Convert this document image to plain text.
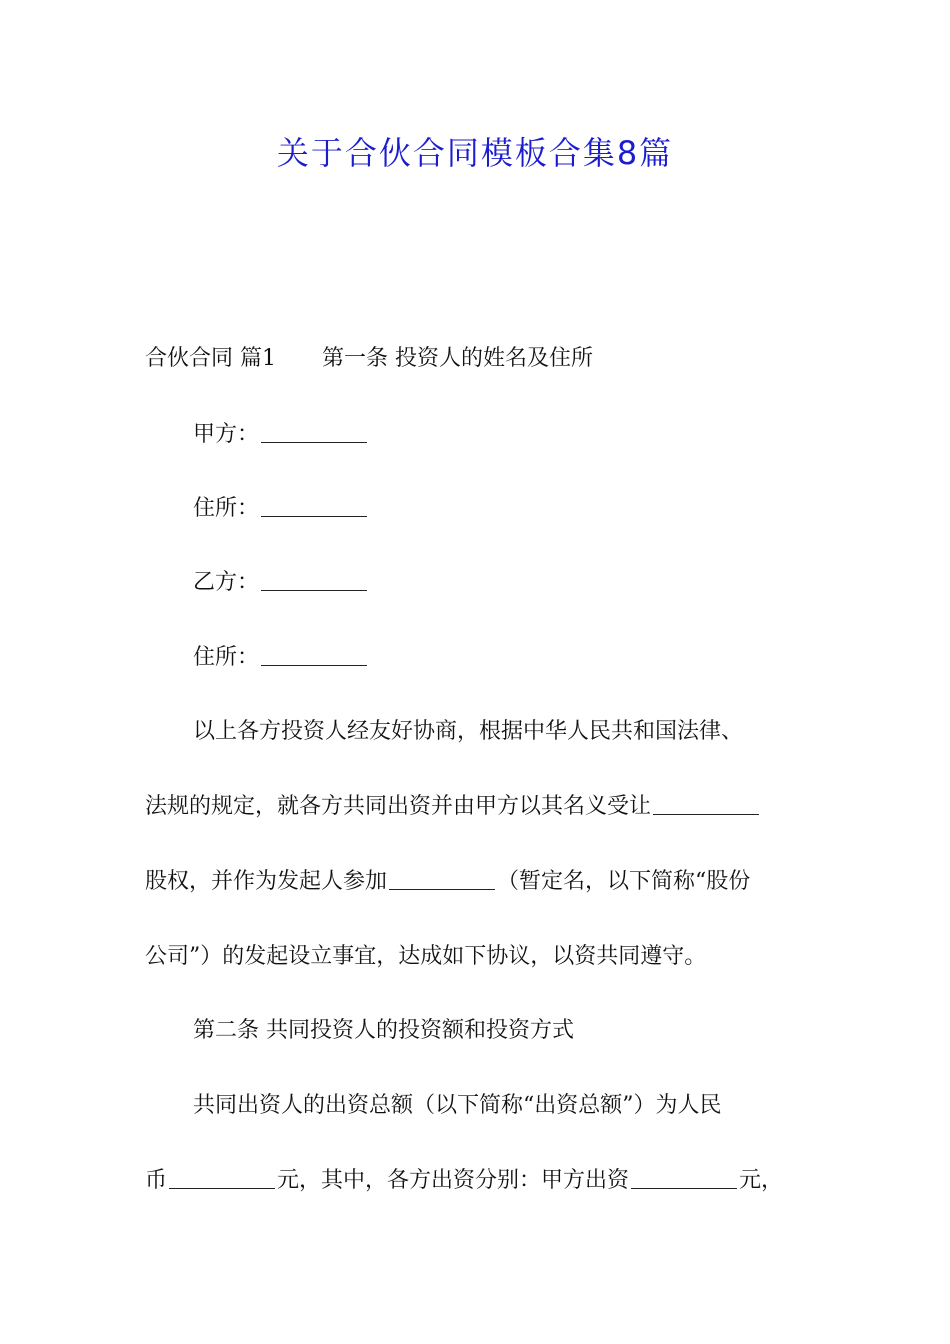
关于合伙合同模板合集8篇
合伙合同 篇1 第一条 投资人的姓名及住所
甲方：
住所：
乙方：
住所：
以上各方投资人经友好协商，根据中华人民共和国法律、
法规的规定，就各方共同出资并由甲方以其名义受让
股权，并作为发起人参加	（暂定名，以下简称“股份
公司”）的发起设立事宜，达成如下协议，以资共同遵守。
第二条 共同投资人的投资额和投资方式
共同出资人的出资总额（以下简称“出资总额”）为人民
币	元，其中，各方出资分别：甲方出资	元，
